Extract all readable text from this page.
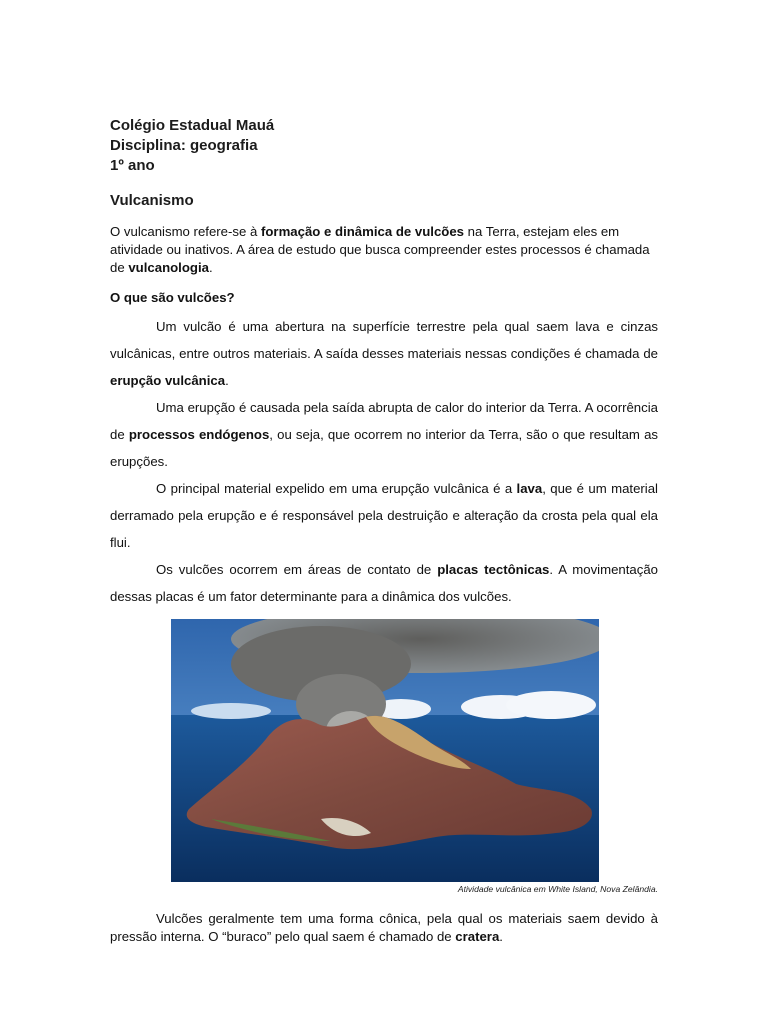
Colégio Estadual Mauá

Disciplina: geografia

1º ano

Vulcanismo

O vulcanismo refere-se à formação e dinâmica de vulcões na Terra, estejam eles em atividade ou inativos. A área de estudo que busca compreender estes processos é chamada de vulcanologia.

O que são vulcões?

Um vulcão é uma abertura na superfície terrestre pela qual saem lava e cinzas vulcânicas, entre outros materiais. A saída desses materiais nessas condições é chamada de erupção vulcânica.

Uma erupção é causada pela saída abrupta de calor do interior da Terra. A ocorrência de processos endógenos, ou seja, que ocorrem no interior da Terra, são o que resultam as erupções.

O principal material expelido em uma erupção vulcânica é a lava, que é um material derramado pela erupção e é responsável pela destruição e alteração da crosta pela qual ela flui.

Os vulcões ocorrem em áreas de contato de placas tectônicas. A movimentação dessas placas é um fator determinante para a dinâmica dos vulcões.

Atividade vulcânica em White Island, Nova Zelândia.

Vulcões geralmente tem uma forma cônica, pela qual os materiais saem devido à pressão interna. O “buraco” pelo qual saem é chamado de cratera.
